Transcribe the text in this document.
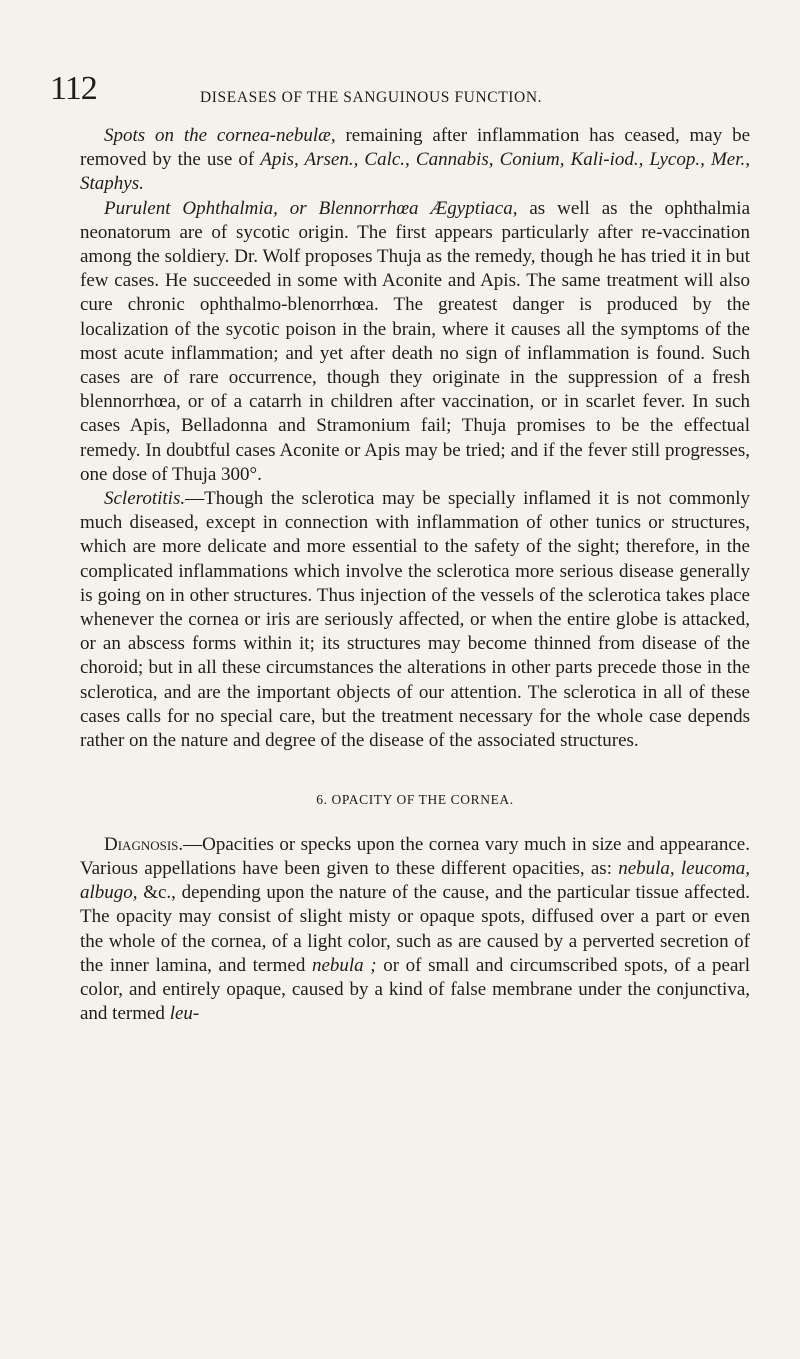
112	DISEASES OF THE SANGUINOUS FUNCTION.

Spots on the cornea-nebulæ, remaining after inflammation has ceased, may be removed by the use of Apis, Arsen., Calc., Cannabis, Conium, Kali-iod., Lycop., Mer., Staphys.

Purulent Ophthalmia, or Blennorrhœa Ægyptiaca, as well as the ophthalmia neonatorum are of sycotic origin. The first appears particularly after re-vaccination among the soldiery. Dr. Wolf proposes Thuja as the remedy, though he has tried it in but few cases. He succeeded in some with Aconite and Apis. The same treatment will also cure chronic ophthalmo-blenorrhœa. The greatest danger is produced by the localization of the sycotic poison in the brain, where it causes all the symptoms of the most acute inflammation; and yet after death no sign of inflammation is found. Such cases are of rare occurrence, though they originate in the suppression of a fresh blennorrhœa, or of a catarrh in children after vaccination, or in scarlet fever. In such cases Apis, Belladonna and Stramonium fail; Thuja promises to be the effectual remedy. In doubtful cases Aconite or Apis may be tried; and if the fever still progresses, one dose of Thuja 300°.

Sclerotitis.—Though the sclerotica may be specially inflamed it is not commonly much diseased, except in connection with inflammation of other tunics or structures, which are more delicate and more essential to the safety of the sight; therefore, in the complicated inflammations which involve the sclerotica more serious disease generally is going on in other structures. Thus injection of the vessels of the sclerotica takes place whenever the cornea or iris are seriously affected, or when the entire globe is attacked, or an abscess forms within it; its structures may become thinned from disease of the choroid; but in all these circumstances the alterations in other parts precede those in the sclerotica, and are the important objects of our attention. The sclerotica in all of these cases calls for no special care, but the treatment necessary for the whole case depends rather on the nature and degree of the disease of the associated structures.

6. OPACITY OF THE CORNEA.

Diagnosis.—Opacities or specks upon the cornea vary much in size and appearance. Various appellations have been given to these different opacities, as: nebula, leucoma, albugo, &c., depending upon the nature of the cause, and the particular tissue affected. The opacity may consist of slight misty or opaque spots, diffused over a part or even the whole of the cornea, of a light color, such as are caused by a perverted secretion of the inner lamina, and termed nebula ; or of small and circumscribed spots, of a pearl color, and entirely opaque, caused by a kind of false membrane under the conjunctiva, and termed leu-
